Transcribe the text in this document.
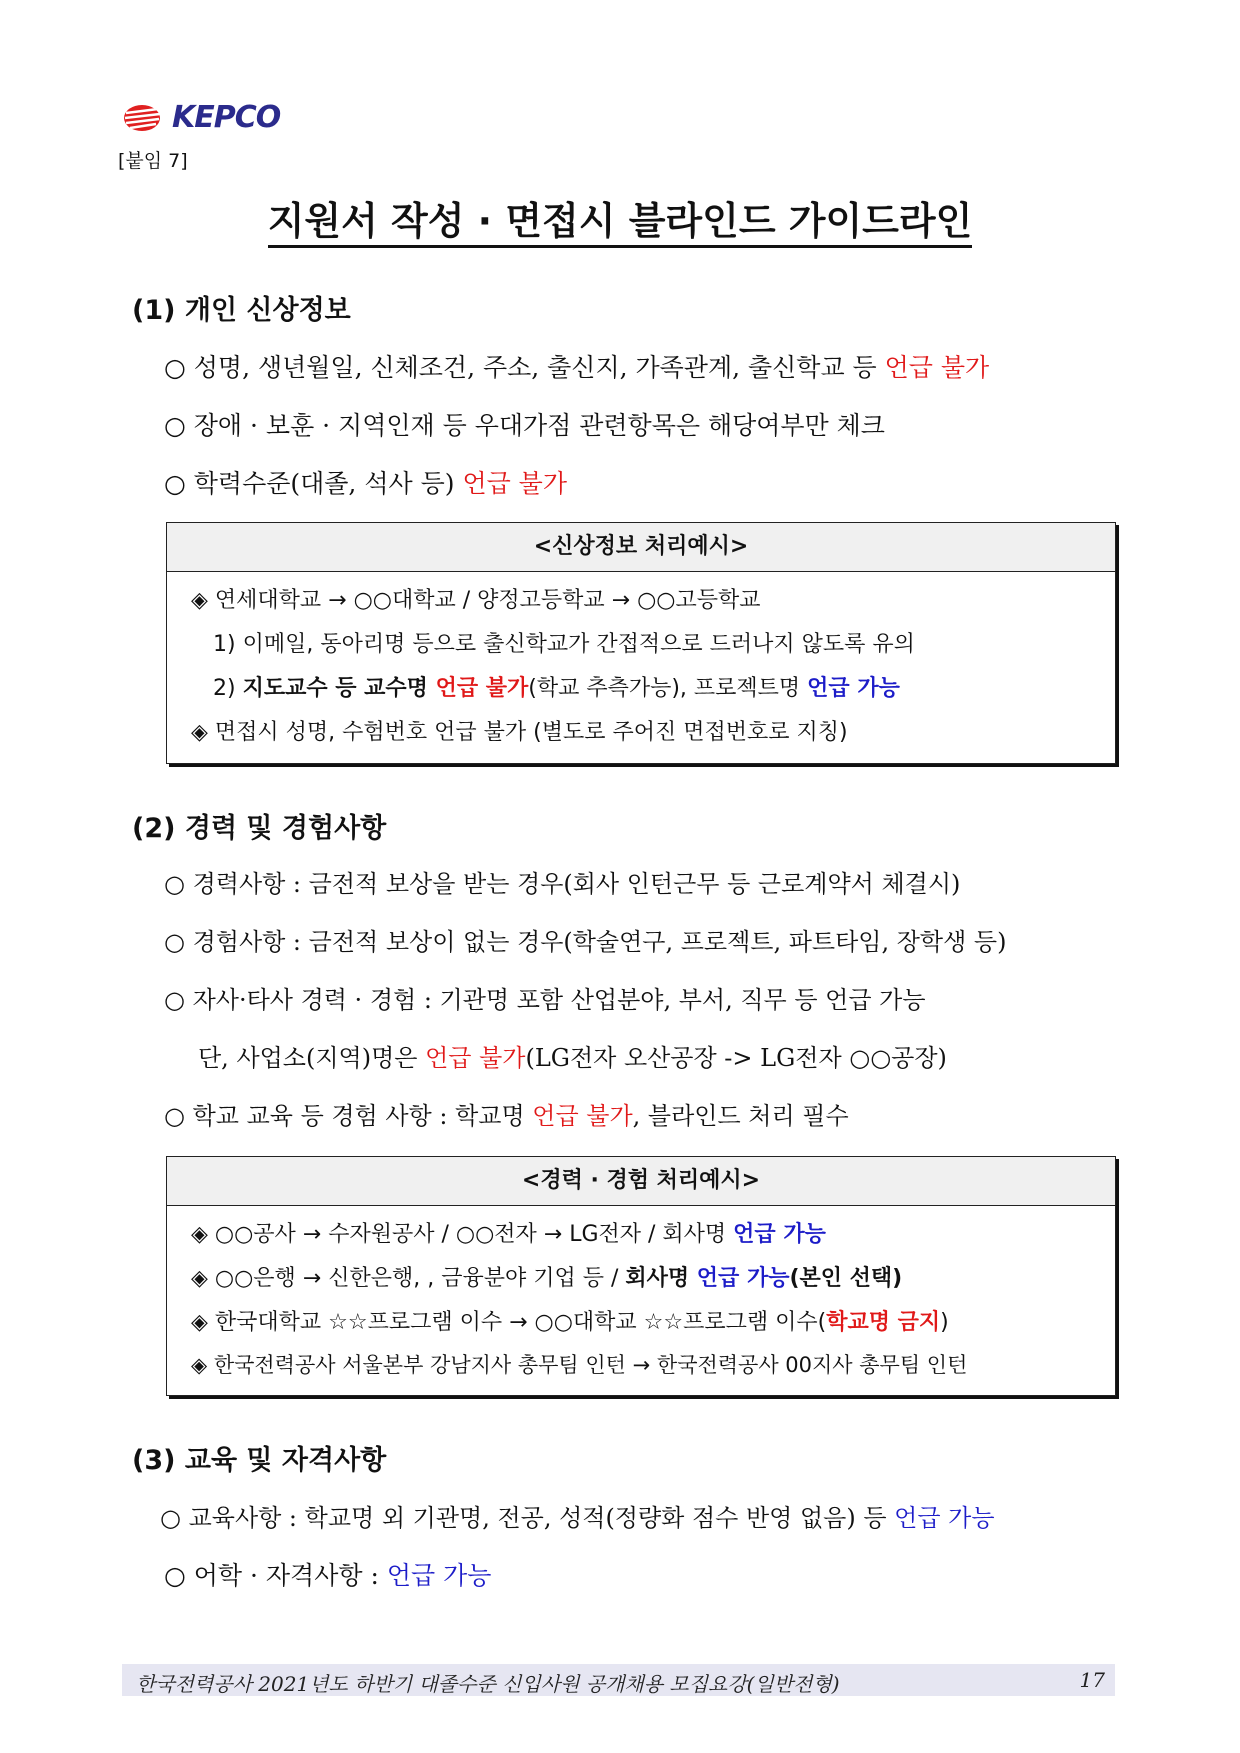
KEPCO
[붙임 7]
지원서 작성 · 면접시 블라인드 가이드라인
(1) 개인 신상정보
○ 성명, 생년월일, 신체조건, 주소, 출신지, 가족관계, 출신학교 등 언급 불가
○ 장애 · 보훈 · 지역인재 등 우대가점 관련항목은 해당여부만 체크
○ 학력수준(대졸, 석사 등) 언급 불가
<신상정보 처리예시>
◈ 연세대학교 → ○○대학교 / 양정고등학교 → ○○고등학교
1) 이메일, 동아리명 등으로 출신학교가 간접적으로 드러나지 않도록 유의
2) 지도교수 등 교수명 언급 불가(학교 추측가능), 프로젝트명 언급 가능
◈ 면접시 성명, 수험번호 언급 불가 (별도로 주어진 면접번호로 지칭)
(2) 경력 및 경험사항
○ 경력사항 : 금전적 보상을 받는 경우(회사 인턴근무 등 근로계약서 체결시)
○ 경험사항 : 금전적 보상이 없는 경우(학술연구, 프로젝트, 파트타임, 장학생 등)
○ 자사·타사 경력 · 경험 : 기관명 포함 산업분야, 부서, 직무 등 언급 가능
단, 사업소(지역)명은 언급 불가(LG전자 오산공장 -> LG전자 ○○공장)
○ 학교 교육 등 경험 사항 : 학교명 언급 불가, 블라인드 처리 필수
<경력 · 경험 처리예시>
◈ ○○공사 → 수자원공사 / ○○전자 → LG전자 / 회사명 언급 가능
◈ ○○은행 → 신한은행, , 금융분야 기업 등 / 회사명 언급 가능(본인 선택)
◈ 한국대학교 ☆☆프로그램 이수 → ○○대학교 ☆☆프로그램 이수(학교명 금지)
◈ 한국전력공사 서울본부 강남지사 총무팀 인턴 → 한국전력공사 00지사 총무팀 인턴
(3) 교육 및 자격사항
○ 교육사항 : 학교명 외 기관명, 전공, 성적(정량화 점수 반영 없음) 등 언급 가능
○ 어학 · 자격사항 : 언급 가능
한국전력공사 2021년도 하반기 대졸수준 신입사원 공개채용 모집요강(일반전형)	17
